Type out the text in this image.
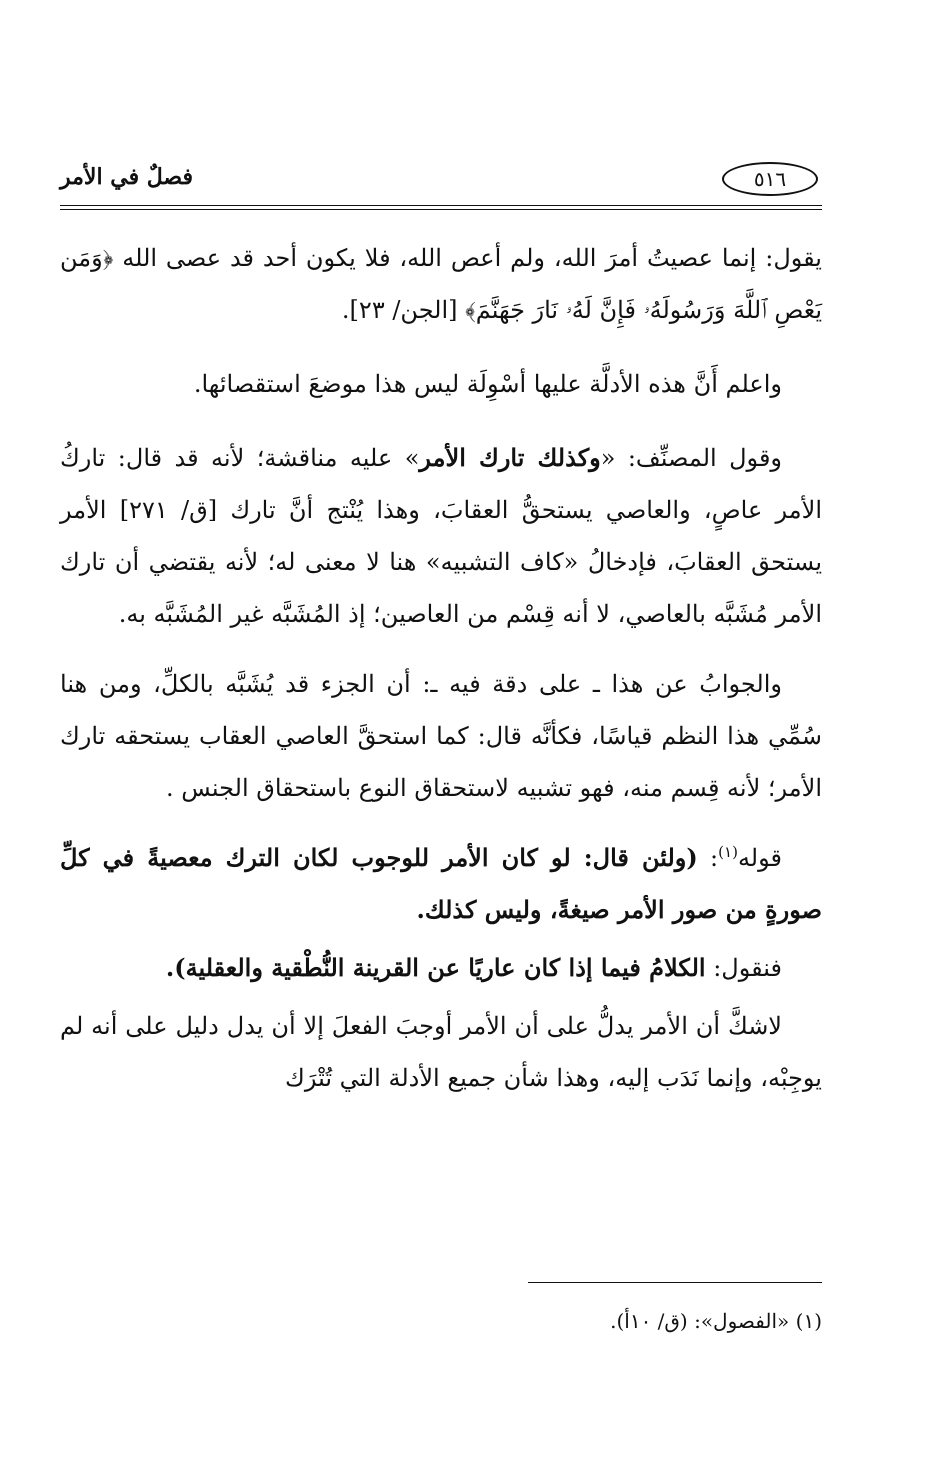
٥١٦
فصلٌ في الأمر

يقول: إنما عصيتُ أمرَ الله، ولم أعص الله، فلا يكون أحد قد عصى الله ﴿وَمَن يَعْصِ ٱللَّهَ وَرَسُولَهُۥ فَإِنَّ لَهُۥ نَارَ جَهَنَّمَ﴾ [الجن/ ٢٣].

واعلم أَنَّ هذه الأدلَّة عليها أسْوِلَة ليس هذا موضعَ استقصائها.

وقول المصنِّف: «وكذلك تارك الأمر» عليه مناقشة؛ لأنه قد قال: تاركُ الأمر عاصٍ، والعاصي يستحقُّ العقابَ، وهذا يُنْتج أنَّ تارك [ق/ ٢٧١] الأمر يستحق العقابَ، فإدخالُ «كاف التشبيه» هنا لا معنى له؛ لأنه يقتضي أن تارك الأمر مُشَبَّه بالعاصي، لا أنه قِسْم من العاصين؛ إذ المُشَبَّه غير المُشَبَّه به.

والجوابُ عن هذا ـ على دقة فيه ـ: أن الجزء قد يُشَبَّه بالكلِّ، ومن هنا سُمِّي هذا النظم قياسًا، فكأنَّه قال: كما استحقَّ العاصي العقاب يستحقه تارك الأمر؛ لأنه قِسم منه، فهو تشبيه لاستحقاق النوع باستحقاق الجنس .

قوله$^{(١)}$: (ولئن قال: لو كان الأمر للوجوب لكان الترك معصيةً في كلِّ صورةٍ من صور الأمر صيغةً، وليس كذلك.

فنقول: الكلامُ فيما إذا كان عاريًا عن القرينة النُّطْقية والعقلية).

لاشكَّ أن الأمر يدلُّ على أن الأمر أوجبَ الفعلَ إلا أن يدل دليل على أنه لم يوجِبْه، وإنما نَدَب إليه، وهذا شأن جميع الأدلة التي تُتْرَك

(١) «الفصول»: (ق/ ١٠أ).
